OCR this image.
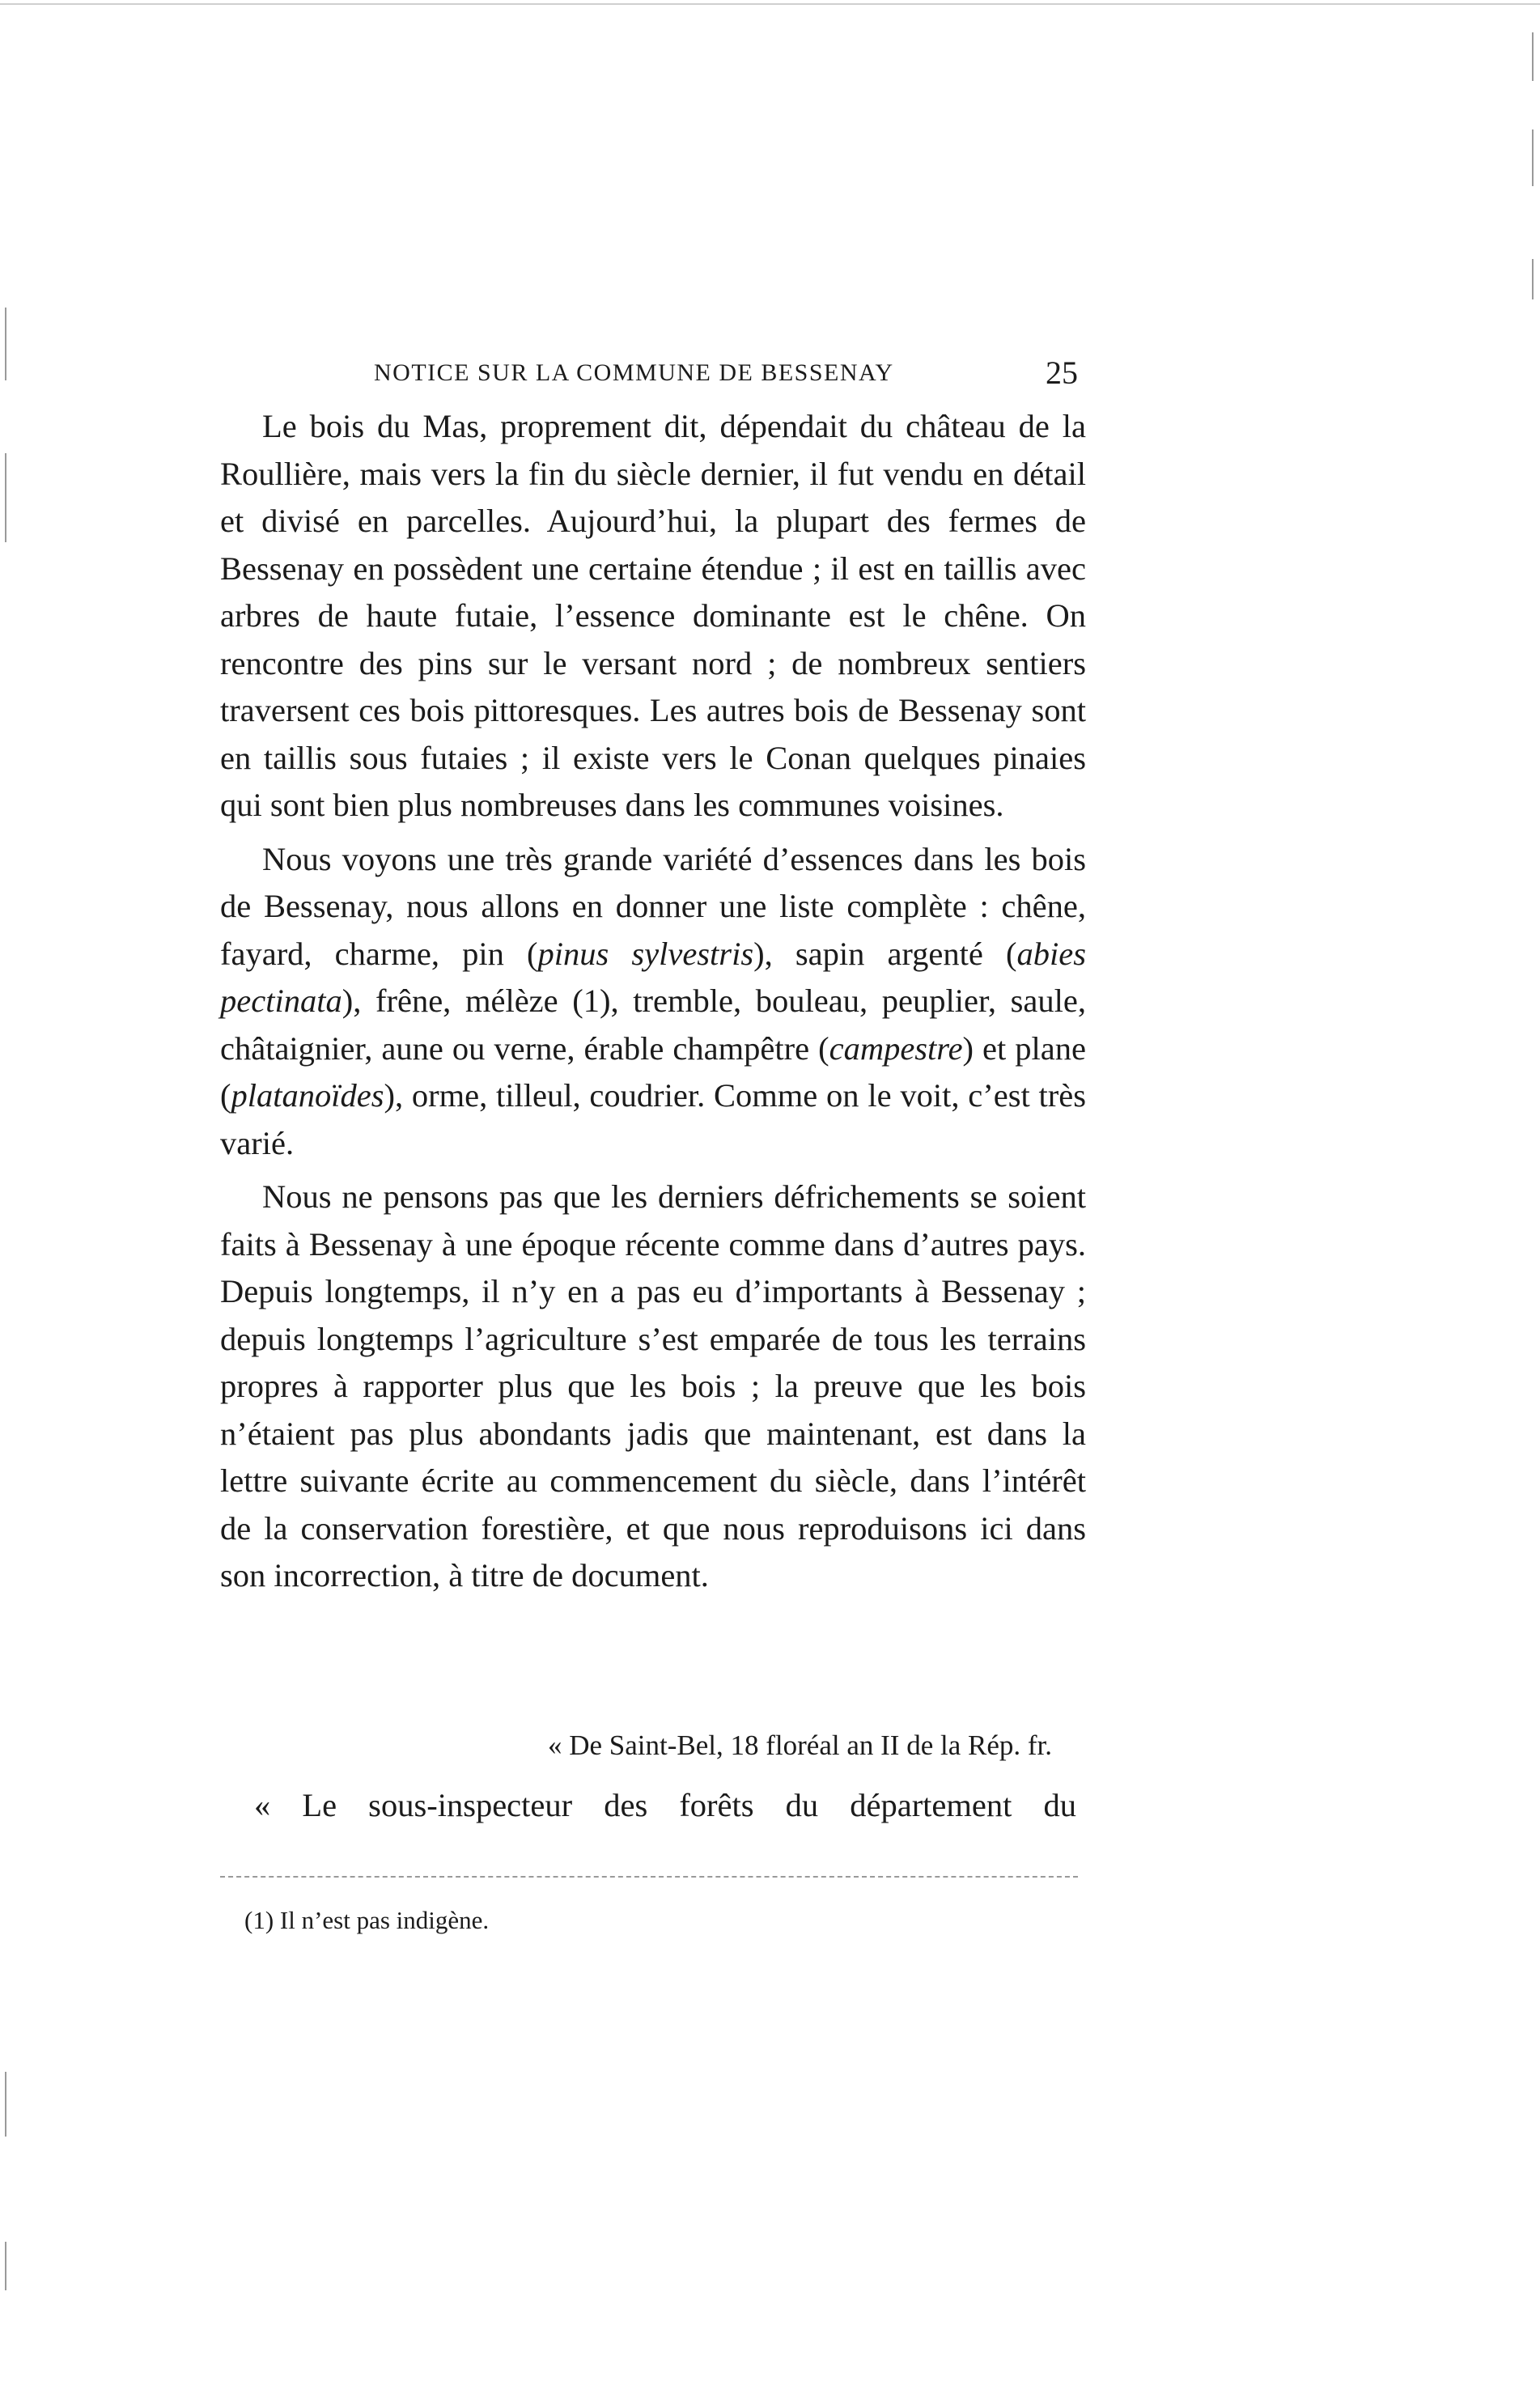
NOTICE SUR LA COMMUNE DE BESSENAY	25

Le bois du Mas, proprement dit, dépendait du château de la Roullière, mais vers la fin du siècle dernier, il fut vendu en détail et divisé en parcelles. Aujourd’hui, la plupart des fermes de Bessenay en possèdent une certaine étendue ; il est en taillis avec arbres de haute futaie, l’essence dominante est le chêne. On rencontre des pins sur le versant nord ; de nombreux sentiers traversent ces bois pittoresques. Les autres bois de Bessenay sont en taillis sous futaies ; il existe vers le Conan quelques pinaies qui sont bien plus nombreuses dans les communes voisines.

Nous voyons une très grande variété d’essences dans les bois de Bessenay, nous allons en donner une liste complète : chêne, fayard, charme, pin (pinus sylvestris), sapin argenté (abies pectinata), frêne, mélèze (1), tremble, bouleau, peuplier, saule, châtaignier, aune ou verne, érable champêtre (campestre) et plane (platanoïdes), orme, tilleul, coudrier. Comme on le voit, c’est très varié.

Nous ne pensons pas que les derniers défrichements se soient faits à Bessenay à une époque récente comme dans d’autres pays. Depuis longtemps, il n’y en a pas eu d’importants à Bessenay ; depuis longtemps l’agriculture s’est emparée de tous les terrains propres à rapporter plus que les bois ; la preuve que les bois n’étaient pas plus abondants jadis que maintenant, est dans la lettre suivante écrite au commencement du siècle, dans l’intérêt de la conservation forestière, et que nous reproduisons ici dans son incorrection, à titre de document.

« De Saint-Bel, 18 floréal an II de la Rép. fr.
« Le sous-inspecteur des forêts du département du
(1) Il n’est pas indigène.
